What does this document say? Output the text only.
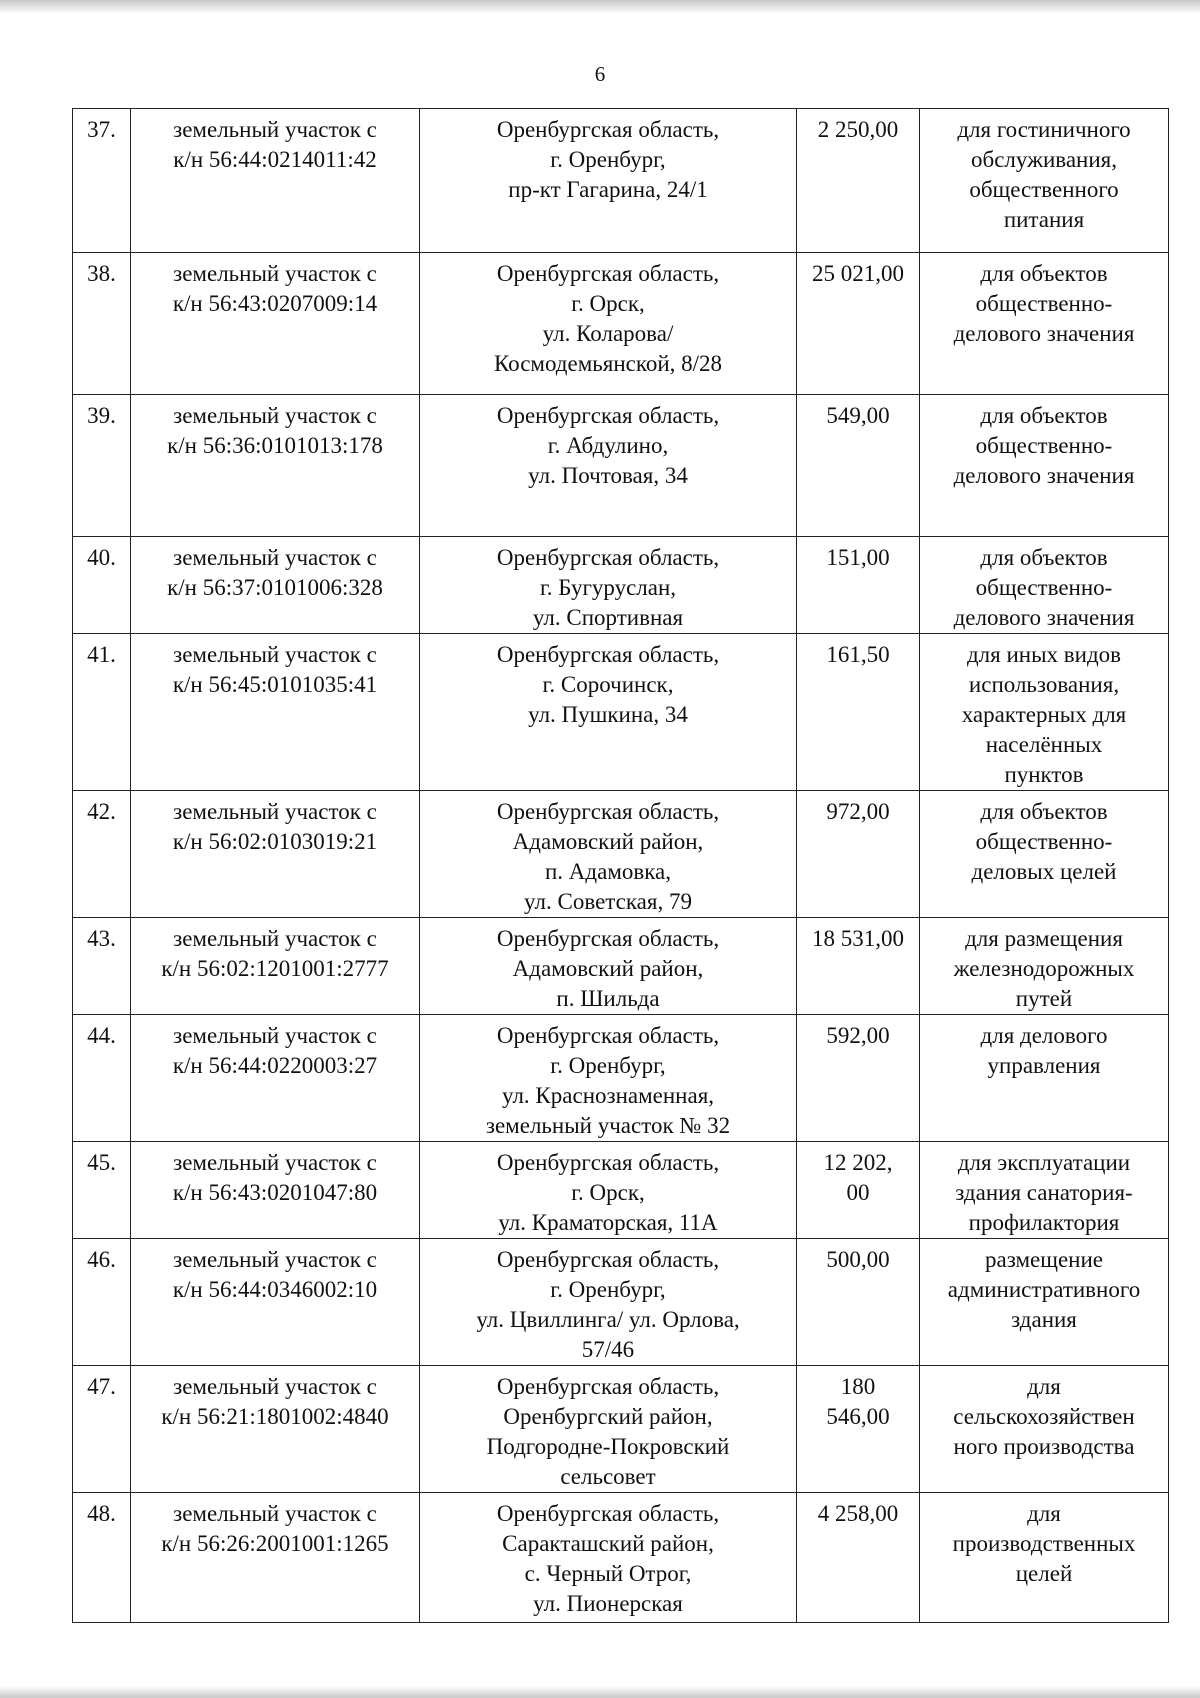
6
37.	земельный участок с
к/н 56:44:0214011:42	Оренбургская область,
г. Оренбург,
пр-кт Гагарина, 24/1	2 250,00	для гостиничного
обслуживания,
общественного
питания

38.	земельный участок с
к/н 56:43:0207009:14	Оренбургская область,
г. Орск,
ул. Коларова/
Космодемьянской, 8/28	25 021,00	для объектов
общественно-
делового значения

39.	земельный участок с
к/н 56:36:0101013:178	Оренбургская область,
г. Абдулино,
ул. Почтовая, 34	549,00	для объектов
общественно-
делового значения

40.	земельный участок с
к/н 56:37:0101006:328	Оренбургская область,
г. Бугуруслан,
ул. Спортивная	151,00	для объектов
общественно-
делового значения

41.	земельный участок с
к/н 56:45:0101035:41	Оренбургская область,
г. Сорочинск,
ул. Пушкина, 34	161,50	для иных видов
использования,
характерных для
населённых
пунктов

42.	земельный участок с
к/н 56:02:0103019:21	Оренбургская область,
Адамовский район,
п. Адамовка,
ул. Советская, 79	972,00	для объектов
общественно-
деловых целей

43.	земельный участок с
к/н 56:02:1201001:2777	Оренбургская область,
Адамовский район,
п. Шильда	18 531,00	для размещения
железнодорожных
путей

44.	земельный участок с
к/н 56:44:0220003:27	Оренбургская область,
г. Оренбург,
ул. Краснознаменная,
земельный участок № 32	592,00	для делового
управления

45.	земельный участок с
к/н 56:43:0201047:80	Оренбургская область,
г. Орск,
ул. Краматорская, 11А	12 202,
00	для эксплуатации
здания санатория-
профилактория

46.	земельный участок с
к/н 56:44:0346002:10	Оренбургская область,
г. Оренбург,
ул. Цвиллинга/ ул. Орлова,
57/46	500,00	размещение
административного
здания

47.	земельный участок с
к/н 56:21:1801002:4840	Оренбургская область,
Оренбургский район,
Подгородне-Покровский
сельсовет	180
546,00	для
сельскохозяйствен
ного производства

48.	земельный участок с
к/н 56:26:2001001:1265	Оренбургская область,
Саракташский район,
с. Черный Отрог,
ул. Пионерская	4 258,00	для
производственных
целей
